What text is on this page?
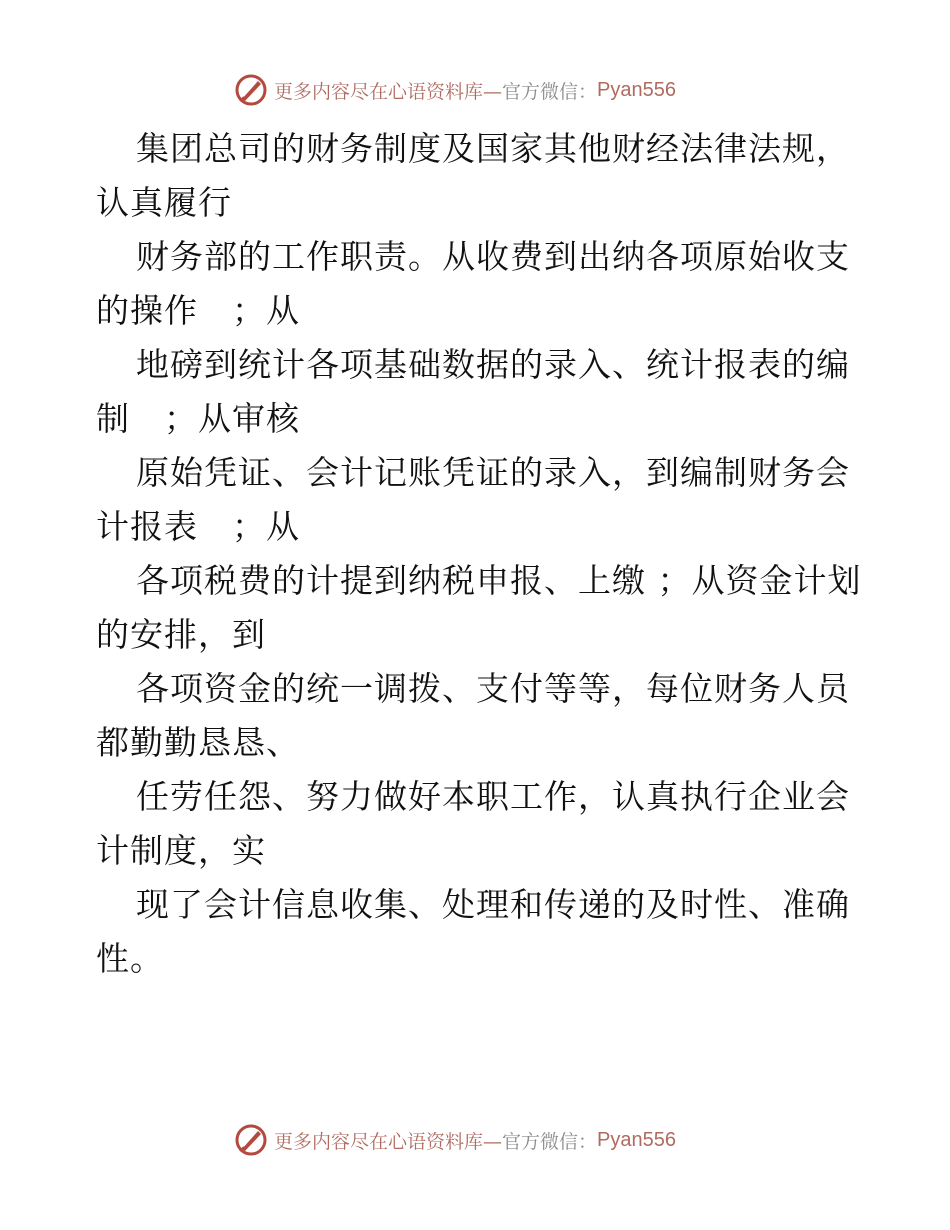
更多内容尽在心语资料库— 官方微信： Pyan556
集团总司的财务制度及国家其他财经法律法规，
认真履行
财务部的工作职责。从收费到出纳各项原始收支
的操作　；从
地磅到统计各项基础数据的录入、统计报表的编
制　；从审核
原始凭证、会计记账凭证的录入，到编制财务会
计报表　；从
各项税费的计提到纳税申报、上缴 ；从资金计划
的安排，到
各项资金的统一调拨、支付等等，每位财务人员
都勤勤恳恳、
任劳任怨、努力做好本职工作，认真执行企业会
计制度，实
现了会计信息收集、处理和传递的及时性、准确
性。
更多内容尽在心语资料库— 官方微信： Pyan556
